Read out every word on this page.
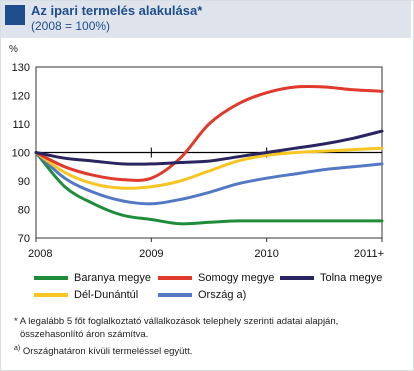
Az ipari termelés alakulása*
(2008 = 100%)
%
70
80
90
100
110
120
130
2008	2009	2010	2011+
Baranya megye	Somogy megye	Tolna megye
Dél-Dunántúl	Ország a)
* A legalább 5 főt foglalkoztató vállalkozások telephely szerinti adatai alapján,
összehasonlító áron számítva.
$^{a)}$ Országhatáron kívüli termeléssel együtt.
